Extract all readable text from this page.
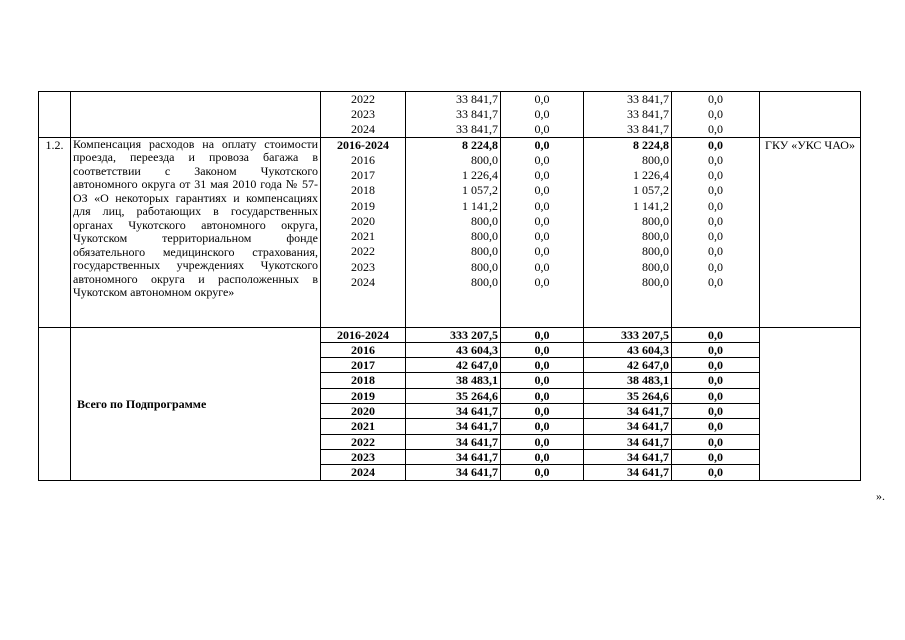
		2022	33 841,7	0,0	33 841,7	0,0	
		2023	33 841,7	0,0	33 841,7	0,0	
		2024	33 841,7	0,0	33 841,7	0,0	
1.2.	Компенсация расходов на оплату стоимости проезда, переезда и провоза багажа в соответствии с Законом Чукотского автономного округа от 31 мая 2010 года № 57-ОЗ «О некоторых гарантиях и компенсациях для лиц, работающих в государственных органах Чукотского автономного округа, Чукотском территориальном фонде обязательного медицинского страхования, государственных учреждениях Чукотского автономного округа и расположенных в Чукотском автономном округе»	2016-2024	8 224,8	0,0	8 224,8	0,0	ГКУ «УКС ЧАО»
		2016	800,0	0,0	800,0	0,0	
		2017	1 226,4	0,0	1 226,4	0,0	
		2018	1 057,2	0,0	1 057,2	0,0	
		2019	1 141,2	0,0	1 141,2	0,0	
		2020	800,0	0,0	800,0	0,0	
		2021	800,0	0,0	800,0	0,0	
		2022	800,0	0,0	800,0	0,0	
		2023	800,0	0,0	800,0	0,0	
		2024	800,0	0,0	800,0	0,0	
	Всего по Подпрограмме	2016-2024	333 207,5	0,0	333 207,5	0,0	
		2016	43 604,3	0,0	43 604,3	0,0	
		2017	42 647,0	0,0	42 647,0	0,0	
		2018	38 483,1	0,0	38 483,1	0,0	
		2019	35 264,6	0,0	35 264,6	0,0	
		2020	34 641,7	0,0	34 641,7	0,0	
		2021	34 641,7	0,0	34 641,7	0,0	
		2022	34 641,7	0,0	34 641,7	0,0	
		2023	34 641,7	0,0	34 641,7	0,0	
		2024	34 641,7	0,0	34 641,7	0,0	
».
